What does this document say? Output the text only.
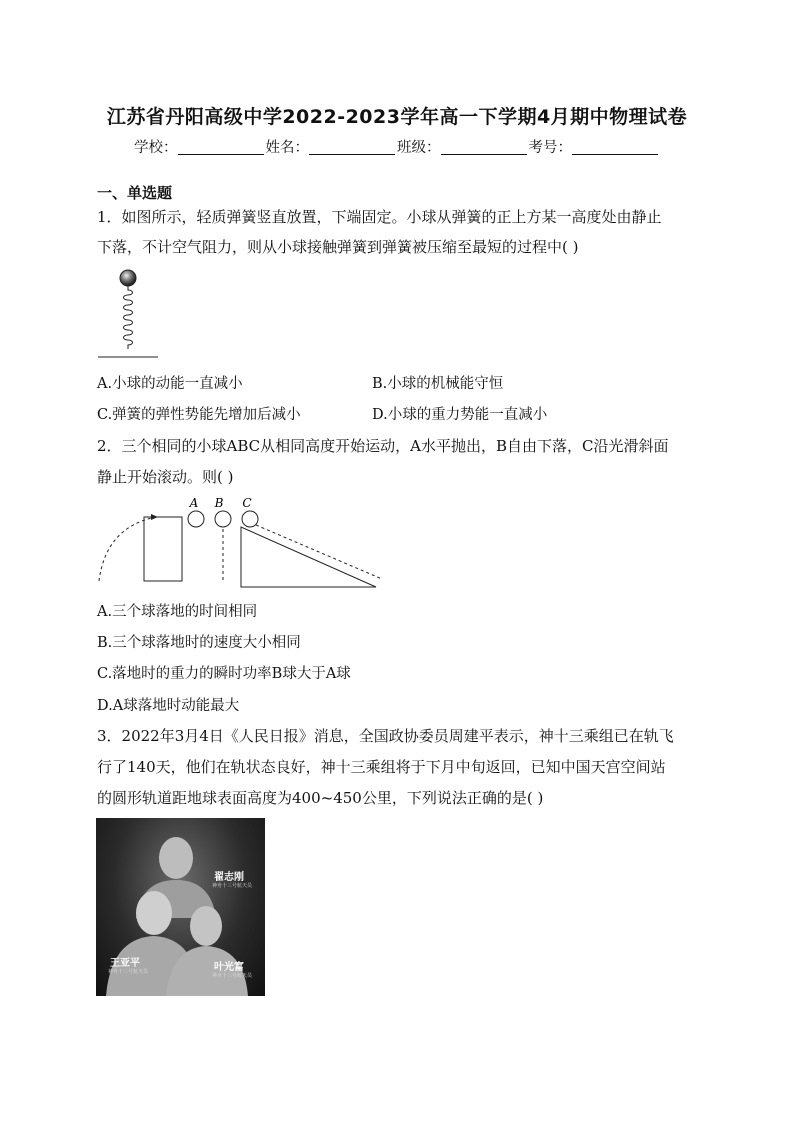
江苏省丹阳高级中学2022-2023学年高一下学期4月期中物理试卷
学校：	姓名：	班级：	考号：
一、单选题
1．如图所示，轻质弹簧竖直放置，下端固定。小球从弹簧的正上方某一高度处由静止
下落，不计空气阻力，则从小球接触弹簧到弹簧被压缩至最短的过程中( )
A.小球的动能一直减小	B.小球的机械能守恒
C.弹簧的弹性势能先增加后减小	D.小球的重力势能一直减小
2．三个相同的小球ABC从相同高度开始运动，A水平抛出，B自由下落，C沿光滑斜面
静止开始滚动。则( )
A B C
A.三个球落地的时间相同
B.三个球落地时的速度大小相同
C.落地时的重力的瞬时功率B球大于A球
D.A球落地时动能最大
3．2022年3月4日《人民日报》消息，全国政协委员周建平表示，神十三乘组已在轨飞
行了140天，他们在轨状态良好，神十三乘组将于下月中旬返回，已知中国天宫空间站
的圆形轨道距地球表面高度为400~450公里，下列说法正确的是( )
翟志刚
神舟十三号航天员
王亚平
神舟十三号航天员	叶光富
神舟十三号航天员
